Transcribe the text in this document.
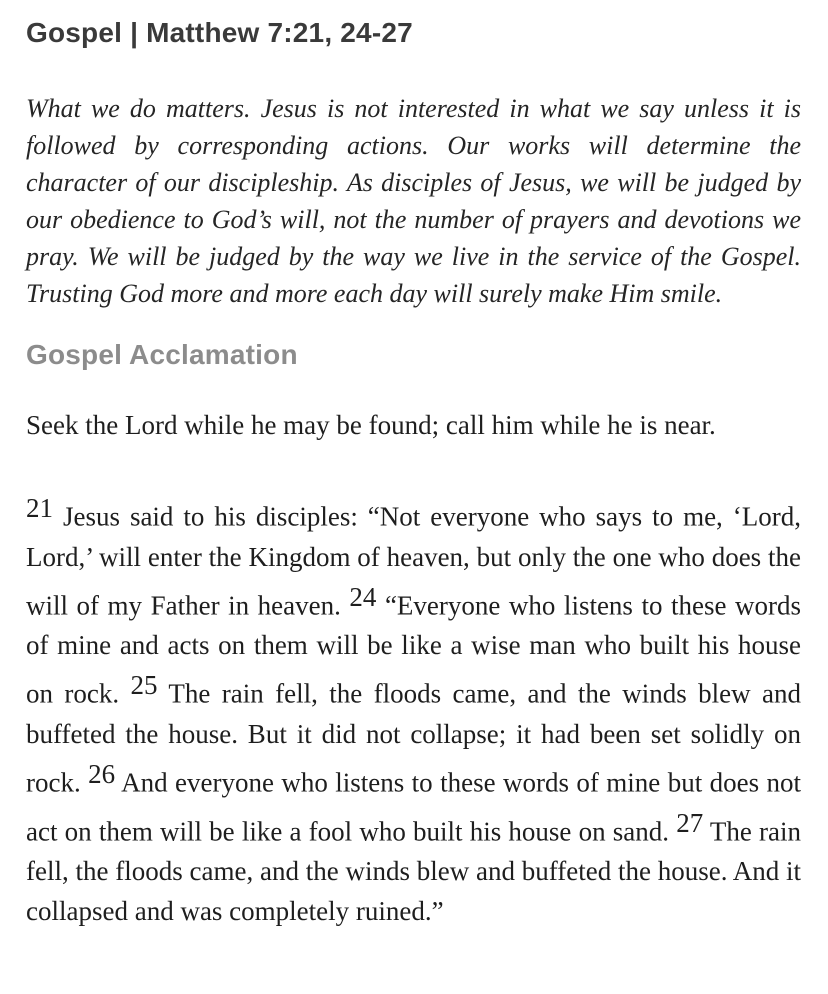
Gospel | Matthew 7:21, 24-27

What we do matters. Jesus is not interested in what we say unless it is followed by corresponding actions. Our works will determine the character of our discipleship. As disciples of Jesus, we will be judged by our obedience to God’s will, not the number of prayers and devotions we pray. We will be judged by the way we live in the service of the Gospel. Trusting God more and more each day will surely make Him smile.

Gospel Acclamation

Seek the Lord while he may be found; call him while he is near.

21 Jesus said to his disciples: “Not everyone who says to me, ‘Lord, Lord,’ will enter the Kingdom of heaven, but only the one who does the will of my Father in heaven. 24 “Everyone who listens to these words of mine and acts on them will be like a wise man who built his house on rock. 25 The rain fell, the floods came, and the winds blew and buffeted the house. But it did not collapse; it had been set solidly on rock. 26 And everyone who listens to these words of mine but does not act on them will be like a fool who built his house on sand. 27 The rain fell, the floods came, and the winds blew and buffeted the house. And it collapsed and was completely ruined.”
